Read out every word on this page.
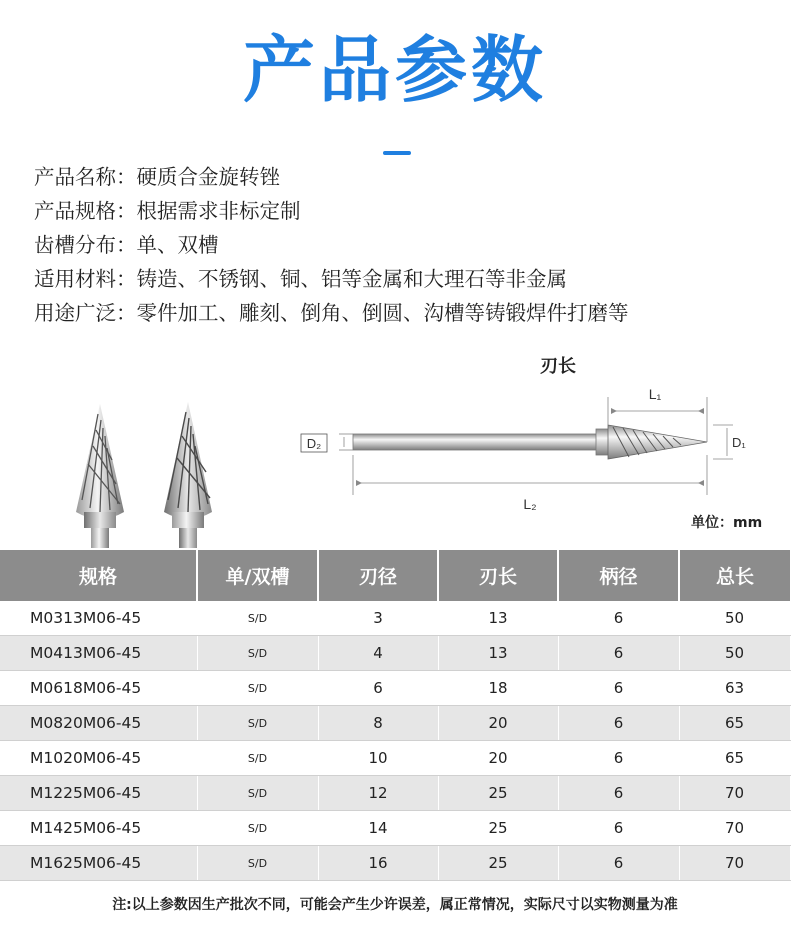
产品参数
产品名称：硬质合金旋转锉
产品规格：根据需求非标定制
齿槽分布：单、双槽
适用材料：铸造、不锈钢、铜、铝等金属和大理石等非金属
用途广泛：零件加工、雕刻、倒角、倒圆、沟槽等铸锻焊件打磨等
刃长
L₁
L₂
D₂	D₁
单位：mm
规格	单/双槽	刃径	刃长	柄径	总长
M0313M06-45	S/D	3	13	6	50
M0413M06-45	S/D	4	13	6	50
M0618M06-45	S/D	6	18	6	63
M0820M06-45	S/D	8	20	6	65
M1020M06-45	S/D	10	20	6	65
M1225M06-45	S/D	12	25	6	70
M1425M06-45	S/D	14	25	6	70
M1625M06-45	S/D	16	25	6	70
注:以上参数因生产批次不同，可能会产生少许误差，属正常情况，实际尺寸以实物测量为准
